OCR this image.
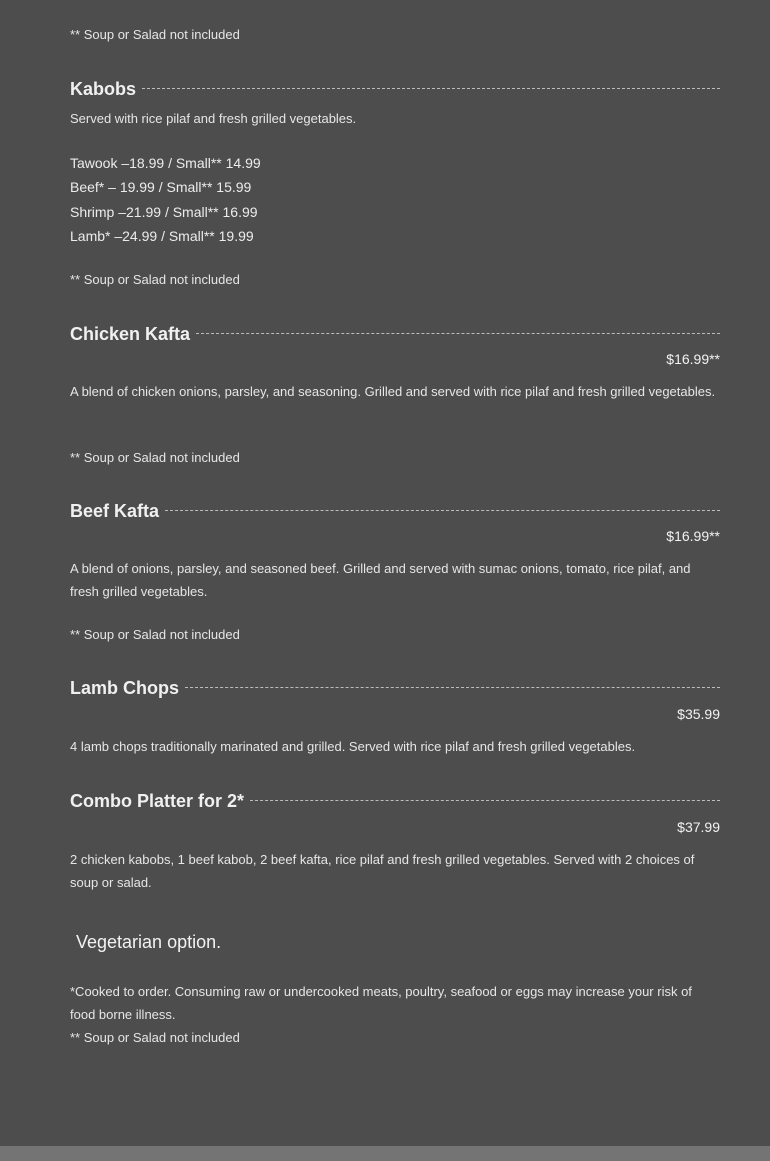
** Soup or Salad not included
Kabobs
Served with rice pilaf and fresh grilled vegetables.
Tawook –18.99 / Small** 14.99
Beef* – 19.99 / Small** 15.99
Shrimp –21.99 / Small** 16.99
Lamb* –24.99 / Small** 19.99
** Soup or Salad not included
Chicken Kafta
$16.99**
A blend of chicken onions, parsley, and seasoning. Grilled and served with rice pilaf and fresh grilled vegetables.
** Soup or Salad not included
Beef Kafta
$16.99**
A blend of onions, parsley, and seasoned beef. Grilled and served with sumac onions, tomato, rice pilaf, and fresh grilled vegetables.
** Soup or Salad not included
Lamb Chops
$35.99
4 lamb chops traditionally marinated and grilled. Served with rice pilaf and fresh grilled vegetables.
Combo Platter for 2*
$37.99
2 chicken kabobs, 1 beef kabob, 2 beef kafta, rice pilaf and fresh grilled vegetables. Served with 2 choices of soup or salad.
Vegetarian option.
*Cooked to order. Consuming raw or undercooked meats, poultry, seafood or eggs may increase your risk of food borne illness.
** Soup or Salad not included
